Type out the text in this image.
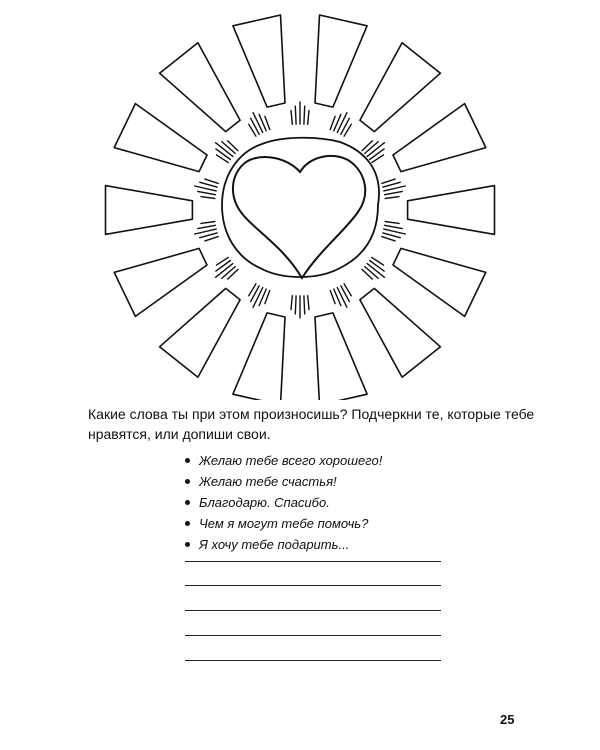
Какие слова ты при этом произносишь? Подчеркни те, которые тебе
нравятся, или допиши свои.

Желаю тебе всего хорошего!
Желаю тебе счастья!
Благодарю. Спасибо.
Чем я могут тебе помочь?
Я хочу тебе подарить...
25
